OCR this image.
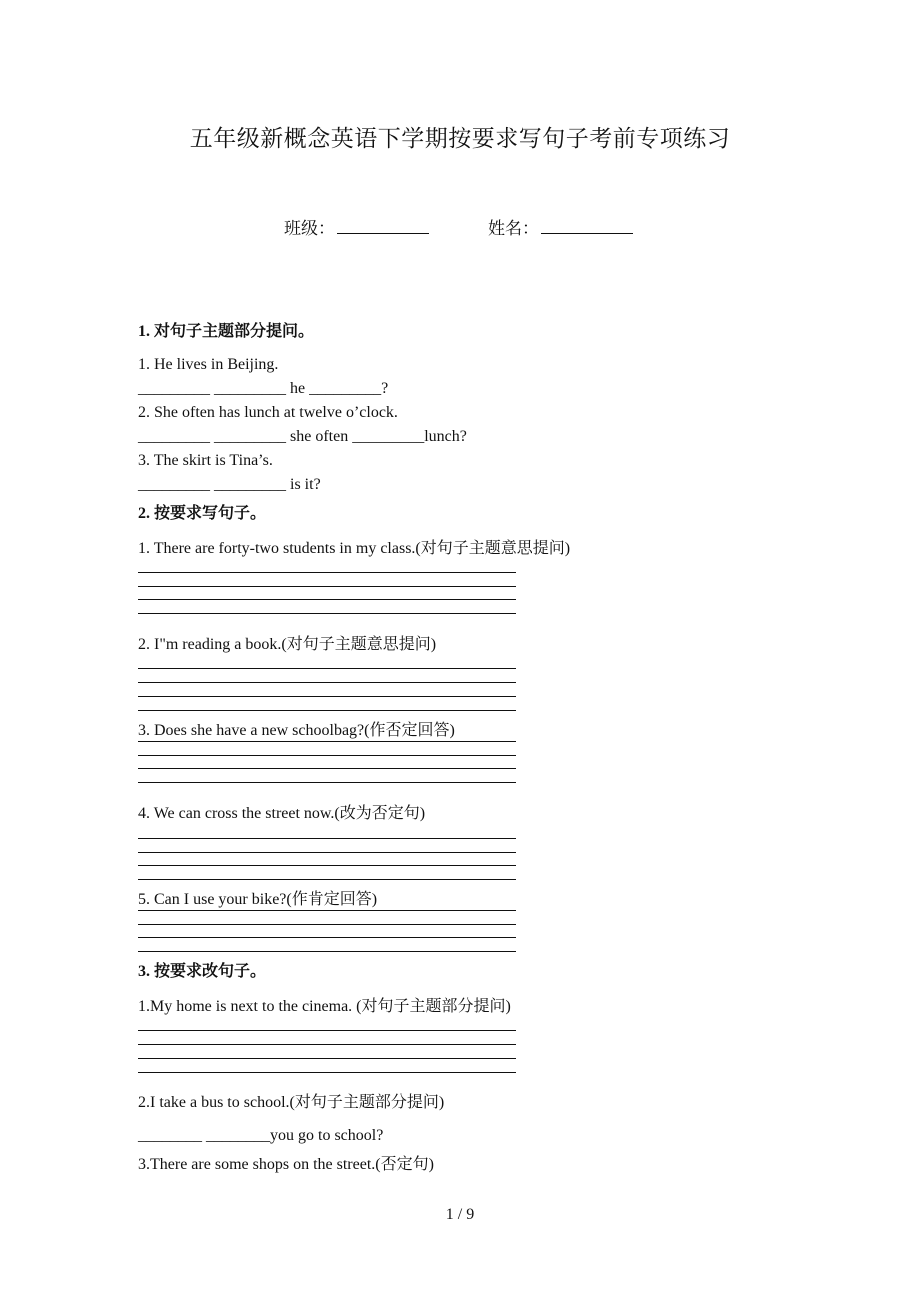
五年级新概念英语下学期按要求写句子考前专项练习
班级：	姓名：
1. 对句子主题部分提问。
1. He lives in Beijing.
_________ _________ he _________?
2. She often has lunch at twelve o’clock.
_________ _________ she often _________lunch?
3. The skirt is Tina’s.
_________ _________ is it?
2. 按要求写句子。
1. There are forty-two students in my class.(对句子主题意思提问)
2. I"m reading a book.(对句子主题意思提问)
3. Does she have a new schoolbag?(作否定回答)
4. We can cross the street now.(改为否定句)
5. Can I use your bike?(作肯定回答)
3. 按要求改句子。
1.My home is next to the cinema. (对句子主题部分提问)
2.I take a bus to school.(对句子主题部分提问)
________ ________you go to school?
3.There are some shops on the street.(否定句)
1 / 9
